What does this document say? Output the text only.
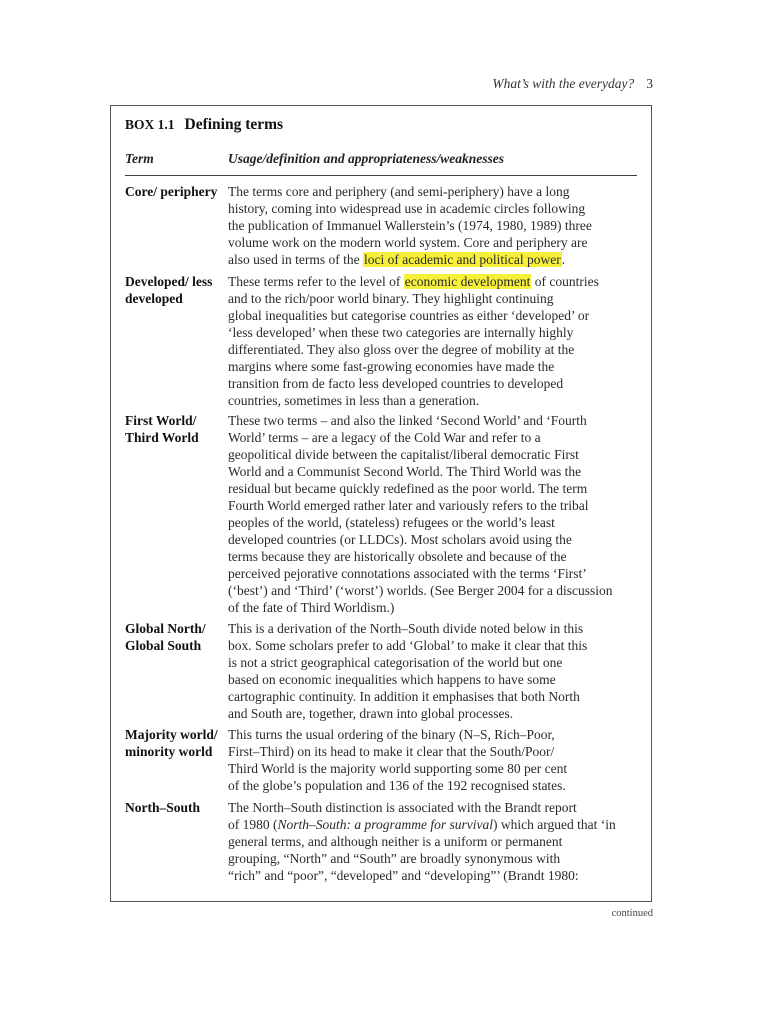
What’s with the everyday? 3
BOX 1.1 Defining terms
Term	Usage/definition and appropriateness/weaknesses
Core/ periphery The terms core and periphery (and semi-periphery) have a long
history, coming into widespread use in academic circles following
the publication of Immanuel Wallerstein’s (1974, 1980, 1989) three
volume work on the modern world system. Core and periphery are
also used in terms of the loci of academic and political power.
Developed/ less developed
These terms refer to the level of economic development of countries
and to the rich/poor world binary. They highlight continuing
global inequalities but categorise countries as either ‘developed’ or
‘less developed’ when these two categories are internally highly
differentiated. They also gloss over the degree of mobility at the
margins where some fast-growing economies have made the
transition from de facto less developed countries to developed
countries, sometimes in less than a generation.
First World/ Third World
These two terms – and also the linked ‘Second World’ and ‘Fourth
World’ terms – are a legacy of the Cold War and refer to a
geopolitical divide between the capitalist/liberal democratic First
World and a Communist Second World. The Third World was the
residual but became quickly redefined as the poor world. The term
Fourth World emerged rather later and variously refers to the tribal
peoples of the world, (stateless) refugees or the world’s least
developed countries (or LLDCs). Most scholars avoid using the
terms because they are historically obsolete and because of the
perceived pejorative connotations associated with the terms ‘First’
(‘best’) and ‘Third’ (‘worst’) worlds. (See Berger 2004 for a discussion
of the fate of Third Worldism.)
Global North/ Global South
This is a derivation of the North–South divide noted below in this
box. Some scholars prefer to add ‘Global’ to make it clear that this
is not a strict geographical categorisation of the world but one
based on economic inequalities which happens to have some
cartographic continuity. In addition it emphasises that both North
and South are, together, drawn into global processes.
Majority world/ minority world
This turns the usual ordering of the binary (N–S, Rich–Poor,
First–Third) on its head to make it clear that the South/Poor/
Third World is the majority world supporting some 80 per cent
of the globe’s population and 136 of the 192 recognised states.
North–South	The North–South distinction is associated with the Brandt report
of 1980 (North–South: a programme for survival) which argued that ‘in
general terms, and although neither is a uniform or permanent
grouping, “North” and “South” are broadly synonymous with
“rich” and “poor”, “developed” and “developing”’ (Brandt 1980:
continued
